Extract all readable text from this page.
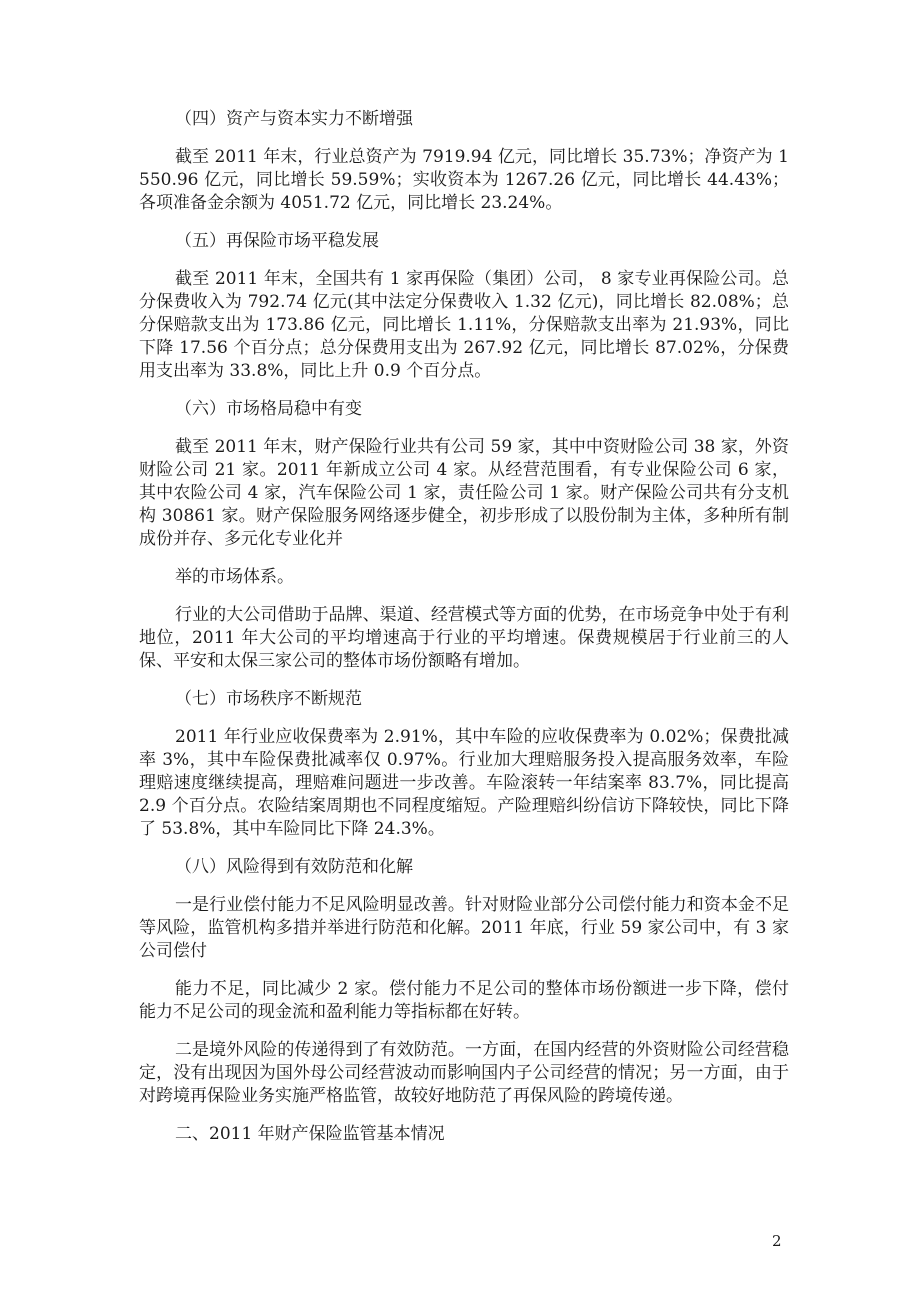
（四）资产与资本实力不断增强

截至 2011 年末，行业总资产为 7919.94 亿元，同比增长 35.73%；净资产为 1550.96 亿元，同比增长 59.59%；实收资本为 1267.26 亿元，同比增长 44.43%；各项准备金余额为 4051.72 亿元，同比增长 23.24%。

（五）再保险市场平稳发展

截至 2011 年末，全国共有 1 家再保险（集团）公司， 8 家专业再保险公司。总分保费收入为 792.74 亿元(其中法定分保费收入 1.32 亿元)，同比增长 82.08%；总分保赔款支出为 173.86 亿元，同比增长 1.11%，分保赔款支出率为 21.93%，同比下降 17.56 个百分点；总分保费用支出为 267.92 亿元，同比增长 87.02%，分保费用支出率为 33.8%，同比上升 0.9 个百分点。

（六）市场格局稳中有变

截至 2011 年末，财产保险行业共有公司 59 家，其中中资财险公司 38 家，外资财险公司 21 家。2011 年新成立公司 4 家。从经营范围看，有专业保险公司 6 家，其中农险公司 4 家，汽车保险公司 1 家，责任险公司 1 家。财产保险公司共有分支机构 30861 家。财产保险服务网络逐步健全，初步形成了以股份制为主体，多种所有制成份并存、多元化专业化并

举的市场体系。

行业的大公司借助于品牌、渠道、经营模式等方面的优势，在市场竞争中处于有利地位，2011 年大公司的平均增速高于行业的平均增速。保费规模居于行业前三的人保、平安和太保三家公司的整体市场份额略有增加。

（七）市场秩序不断规范

2011 年行业应收保费率为 2.91%，其中车险的应收保费率为 0.02%；保费批减率 3%，其中车险保费批减率仅 0.97%。行业加大理赔服务投入提高服务效率，车险理赔速度继续提高，理赔难问题进一步改善。车险滚转一年结案率 83.7%，同比提高 2.9 个百分点。农险结案周期也不同程度缩短。产险理赔纠纷信访下降较快，同比下降了 53.8%，其中车险同比下降 24.3%。

（八）风险得到有效防范和化解

一是行业偿付能力不足风险明显改善。针对财险业部分公司偿付能力和资本金不足等风险，监管机构多措并举进行防范和化解。2011 年底，行业 59 家公司中，有 3 家公司偿付

能力不足，同比减少 2 家。偿付能力不足公司的整体市场份额进一步下降，偿付能力不足公司的现金流和盈利能力等指标都在好转。

二是境外风险的传递得到了有效防范。一方面，在国内经营的外资财险公司经营稳定，没有出现因为国外母公司经营波动而影响国内子公司经营的情况；另一方面，由于对跨境再保险业务实施严格监管，故较好地防范了再保风险的跨境传递。

二、2011 年财产保险监管基本情况
2
